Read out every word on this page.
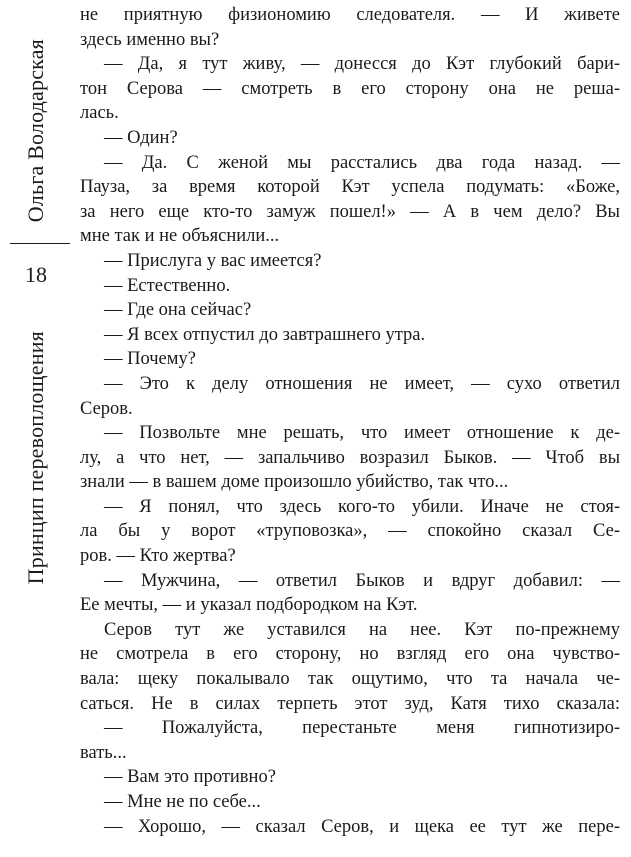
Ольга Володарская
18
Принцип перевоплощения
не приятную физиономию следователя. — И живете
здесь именно вы?
— Да, я тут живу, — донесся до Кэт глубокий бари-
тон Серова — смотреть в его сторону она не реша-
лась.
— Один?
— Да. С женой мы расстались два года назад. —
Пауза, за время которой Кэт успела подумать: «Боже,
за него еще кто-то замуж пошел!» — А в чем дело? Вы
мне так и не объяснили...
— Прислуга у вас имеется?
— Естественно.
— Где она сейчас?
— Я всех отпустил до завтрашнего утра.
— Почему?
— Это к делу отношения не имеет, — сухо ответил
Серов.
— Позвольте мне решать, что имеет отношение к де-
лу, а что нет, — запальчиво возразил Быков. — Чтоб вы
знали — в вашем доме произошло убийство, так что...
— Я понял, что здесь кого-то убили. Иначе не стоя-
ла бы у ворот «труповозка», — спокойно сказал Се-
ров. — Кто жертва?
— Мужчина, — ответил Быков и вдруг добавил: —
Ее мечты, — и указал подбородком на Кэт.
Серов тут же уставился на нее. Кэт по-прежнему
не смотрела в его сторону, но взгляд его она чувство-
вала: щеку покалывало так ощутимо, что та начала че-
саться. Не в силах терпеть этот зуд, Катя тихо сказала:
— Пожалуйста, перестаньте меня гипнотизиро-
вать...
— Вам это противно?
— Мне не по себе...
— Хорошо, — сказал Серов, и щека ее тут же пере-
